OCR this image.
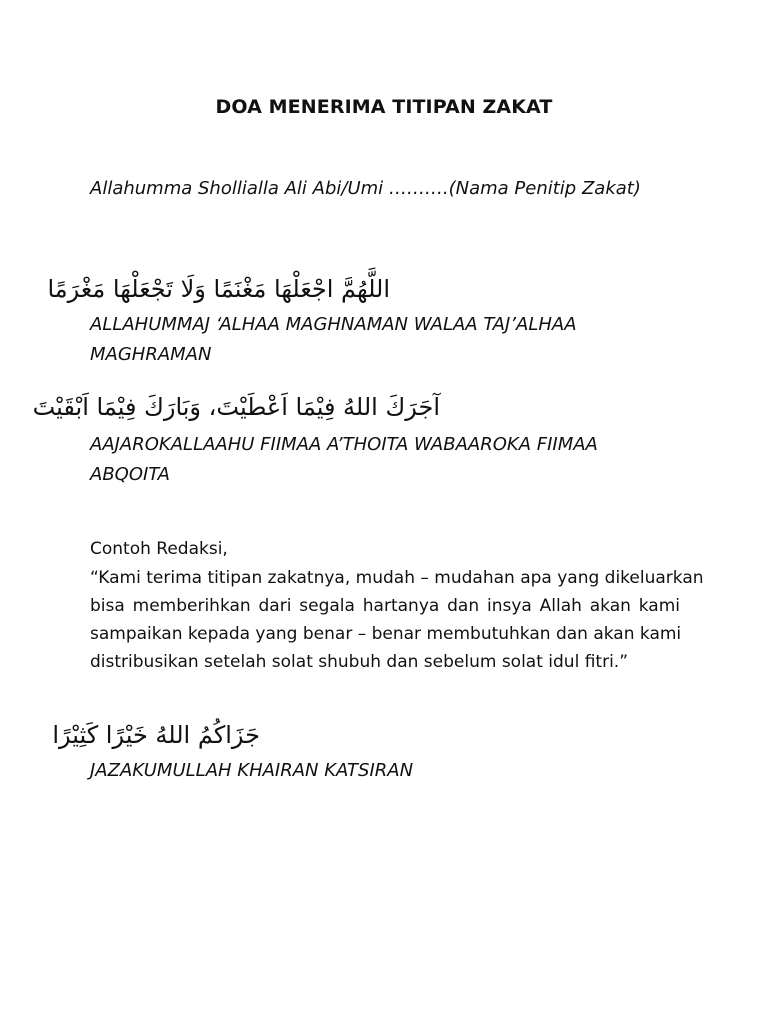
DOA MENERIMA TITIPAN ZAKAT
Allahumma Shollialla Ali Abi/Umi ……….(Nama Penitip Zakat)
اللَّهُمَّ اجْعَلْهَا مَغْنَمًا وَلَا تَجْعَلْهَا مَغْرَمًا
ALLAHUMMAJ ‘ALHAA MAGHNAMAN WALAA TAJ’ALHAA
MAGHRAMAN
آجَرَكَ اللهُ فِيْمَا اَعْطَيْتَ، وَبَارَكَ فِيْمَا اَبْقَيْتَ
AAJAROKALLAAHU FIIMAA A’THOITA WABAAROKA FIIMAA
ABQOITA
Contoh Redaksi,
“Kami terima titipan zakatnya, mudah – mudahan apa yang dikeluarkan
bisa memberihkan dari segala hartanya dan insya Allah akan kami
sampaikan kepada yang benar – benar membutuhkan dan akan kami
distribusikan setelah solat shubuh dan sebelum solat idul fitri.”
جَزَاكُمُ اللهُ خَيْرًا كَثِيْرًا
JAZAKUMULLAH KHAIRAN KATSIRAN
